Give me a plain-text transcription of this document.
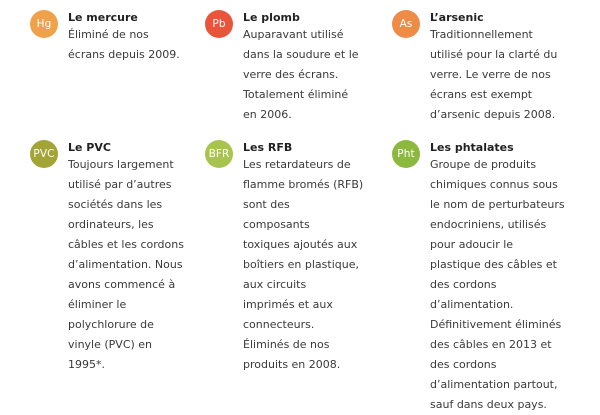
Hg	Le mercure
Éliminé de nos
écrans depuis 2009.
Pb	Le plomb
Auparavant utilisé
dans la soudure et le
verre des écrans.
Totalement éliminé
en 2006.
As	L’arsenic
Traditionnellement
utilisé pour la clarté du
verre. Le verre de nos
écrans est exempt
d’arsenic depuis 2008.
PVC	Le PVC
Toujours largement
utilisé par d’autres
sociétés dans les
ordinateurs, les
câbles et les cordons
d’alimentation. Nous
avons commencé à
éliminer le
polychlorure de
vinyle (PVC) en
1995*.
BFR	Les RFB
Les retardateurs de
flamme bromés (RFB)
sont des
composants
toxiques ajoutés aux
boîtiers en plastique,
aux circuits
imprimés et aux
connecteurs.
Éliminés de nos
produits en 2008.
Pht	Les phtalates
Groupe de produits
chimiques connus sous
le nom de perturbateurs
endocriniens, utilisés
pour adoucir le
plastique des câbles et
des cordons
d’alimentation.
Définitivement éliminés
des câbles en 2013 et
des cordons
d’alimentation partout,
sauf dans deux pays.
